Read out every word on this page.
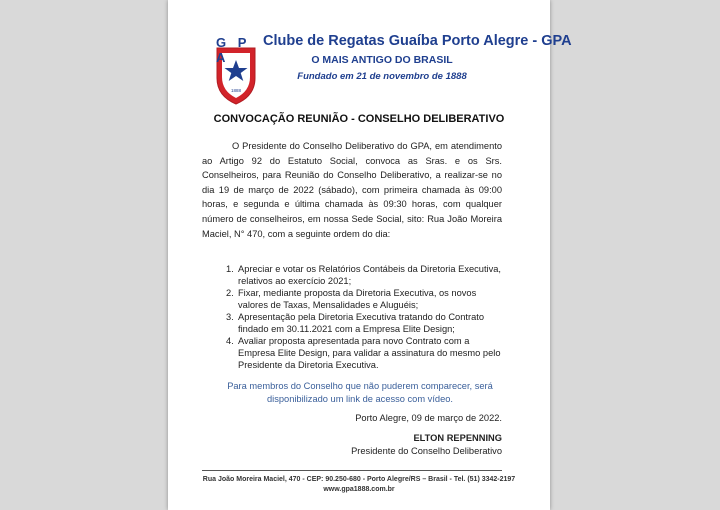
1888
G P A
Clube de Regatas Guaíba Porto Alegre - GPA
O MAIS ANTIGO DO BRASIL
Fundado em 21 de novembro de 1888
CONVOCAÇÃO REUNIÃO - CONSELHO DELIBERATIVO

O Presidente do Conselho Deliberativo do GPA, em atendimento ao Artigo 92 do Estatuto Social, convoca as Sras. e os Srs. Conselheiros, para Reunião do Conselho Deliberativo, a realizar-se no dia 19 de março de 2022 (sábado), com primeira chamada às 09:00 horas, e segunda e última chamada às 09:30 horas, com qualquer número de conselheiros, em nossa Sede Social, sito: Rua João Moreira Maciel, N° 470, com a seguinte ordem do dia:

1. Apreciar e votar os Relatórios Contábeis da Diretoria Executiva, relativos ao exercício 2021;
2. Fixar, mediante proposta da Diretoria Executiva, os novos valores de Taxas, Mensalidades e Aluguéis;
3. Apresentação pela Diretoria Executiva tratando do Contrato findado em 30.11.2021 com a Empresa Elite Design;
4. Avaliar proposta apresentada para novo Contrato com a Empresa Elite Design, para validar a assinatura do mesmo pelo Presidente da Diretoria Executiva.
Para membros do Conselho que não puderem comparecer, será disponibilizado um link de acesso com vídeo.
Porto Alegre, 09 de março de 2022.
ELTON REPENNING
Presidente do Conselho Deliberativo
Rua João Moreira Maciel, 470 - CEP: 90.250-680 - Porto Alegre/RS – Brasil - Tel. (51) 3342-2197
www.gpa1888.com.br
